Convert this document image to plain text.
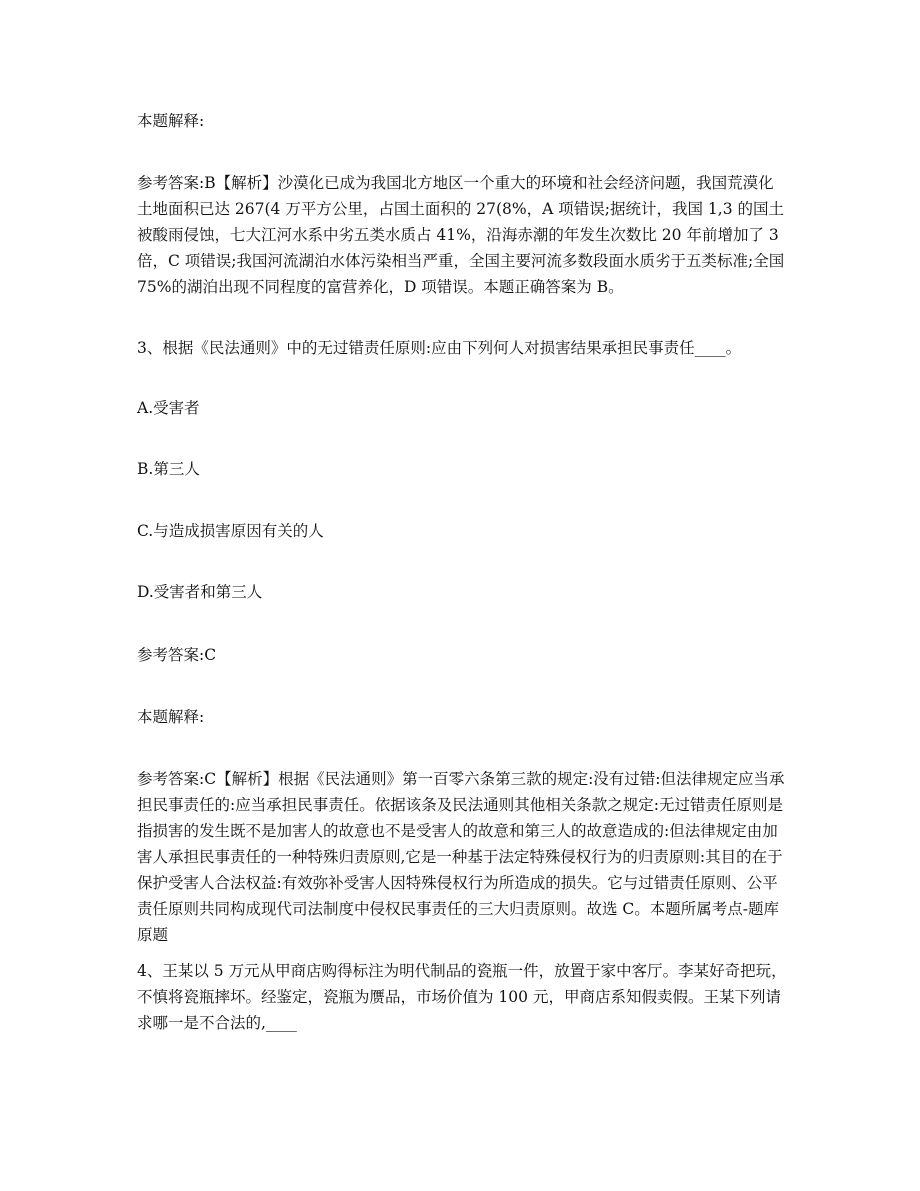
本题解释:

参考答案:B【解析】沙漠化已成为我国北方地区一个重大的环境和社会经济问题，我国荒漠化土地面积已达 267(4 万平方公里，占国土面积的 27(8%，A 项错误;据统计，我国 1,3 的国土被酸雨侵蚀，七大江河水系中劣五类水质占 41%，沿海赤潮的年发生次数比 20 年前增加了 3 倍，C 项错误;我国河流湖泊水体污染相当严重，全国主要河流多数段面水质劣于五类标准;全国 75%的湖泊出现不同程度的富营养化，D 项错误。本题正确答案为 B。

3、根据《民法通则》中的无过错责任原则:应由下列何人对损害结果承担民事责任____。

A.受害者

B.第三人

C.与造成损害原因有关的人

D.受害者和第三人

参考答案:C

本题解释:

参考答案:C【解析】根据《民法通则》第一百零六条第三款的规定:没有过错:但法律规定应当承担民事责任的:应当承担民事责任。依据该条及民法通则其他相关条款之规定:无过错责任原则是指损害的发生既不是加害人的故意也不是受害人的故意和第三人的故意造成的:但法律规定由加害人承担民事责任的一种特殊归责原则,它是一种基于法定特殊侵权行为的归责原则:其目的在于保护受害人合法权益:有效弥补受害人因特殊侵权行为所造成的损失。它与过错责任原则、公平责任原则共同构成现代司法制度中侵权民事责任的三大归责原则。故选 C。本题所属考点-题库原题

4、王某以 5 万元从甲商店购得标注为明代制品的瓷瓶一件，放置于家中客厅。李某好奇把玩，不慎将瓷瓶摔坏。经鉴定，瓷瓶为赝品，市场价值为 100 元，甲商店系知假卖假。王某下列请求哪一是不合法的,____
